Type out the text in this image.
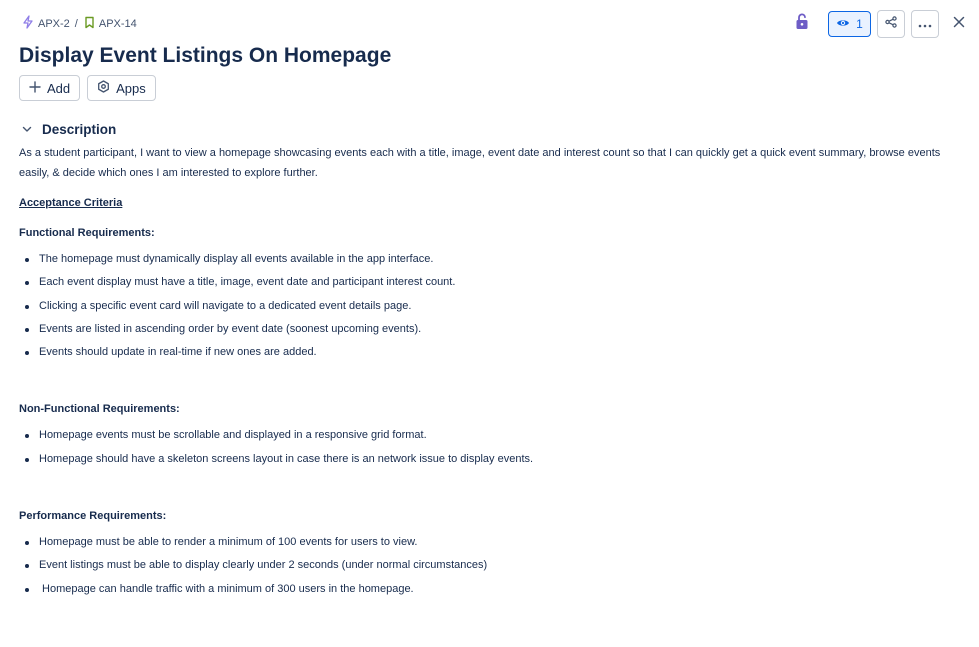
APX-2 / APX-14	1
Display Event Listings On Homepage
Add	Apps
Description

As a student participant, I want to view a homepage showcasing events each with a title, image, event date and interest count so that I can quickly get a quick event summary, browse events easily, & decide which ones I am interested to explore further.

Acceptance Criteria

Functional Requirements:

The homepage must dynamically display all events available in the app interface.
Each event display must have a title, image, event date and participant interest count.
Clicking a specific event card will navigate to a dedicated event details page.
Events are listed in ascending order by event date (soonest upcoming events).
Events should update in real-time if new ones are added.

Non-Functional Requirements:

Homepage events must be scrollable and displayed in a responsive grid format.
Homepage should have a skeleton screens layout in case there is an network issue to display events.

Performance Requirements:

Homepage must be able to render a minimum of 100 events for users to view.
Event listings must be able to display clearly under 2 seconds (under normal circumstances)
Homepage can handle traffic with a minimum of 300 users in the homepage.
